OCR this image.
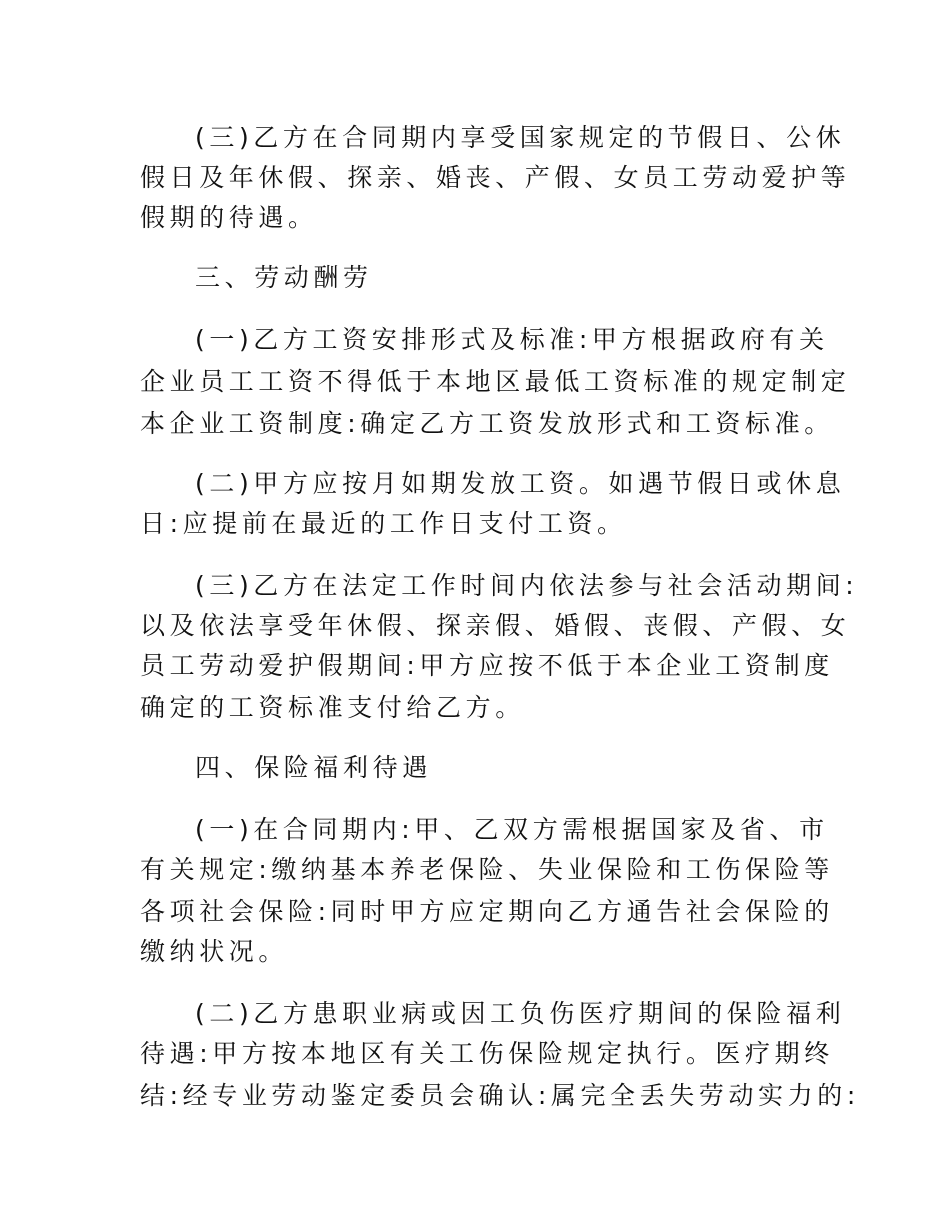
(三)乙方在合同期内享受国家规定的节假日、公休
假日及年休假、探亲、婚丧、产假、女员工劳动爱护等
假期的待遇。
三、劳动酬劳
(一)乙方工资安排形式及标准:甲方根据政府有关
企业员工工资不得低于本地区最低工资标准的规定制定
本企业工资制度:确定乙方工资发放形式和工资标准。
(二)甲方应按月如期发放工资。如遇节假日或休息
日:应提前在最近的工作日支付工资。
(三)乙方在法定工作时间内依法参与社会活动期间:
以及依法享受年休假、探亲假、婚假、丧假、产假、女
员工劳动爱护假期间:甲方应按不低于本企业工资制度
确定的工资标准支付给乙方。
四、保险福利待遇
(一)在合同期内:甲、乙双方需根据国家及省、市
有关规定:缴纳基本养老保险、失业保险和工伤保险等
各项社会保险:同时甲方应定期向乙方通告社会保险的
缴纳状况。
(二)乙方患职业病或因工负伤医疗期间的保险福利
待遇:甲方按本地区有关工伤保险规定执行。医疗期终
结:经专业劳动鉴定委员会确认:属完全丢失劳动实力的:
